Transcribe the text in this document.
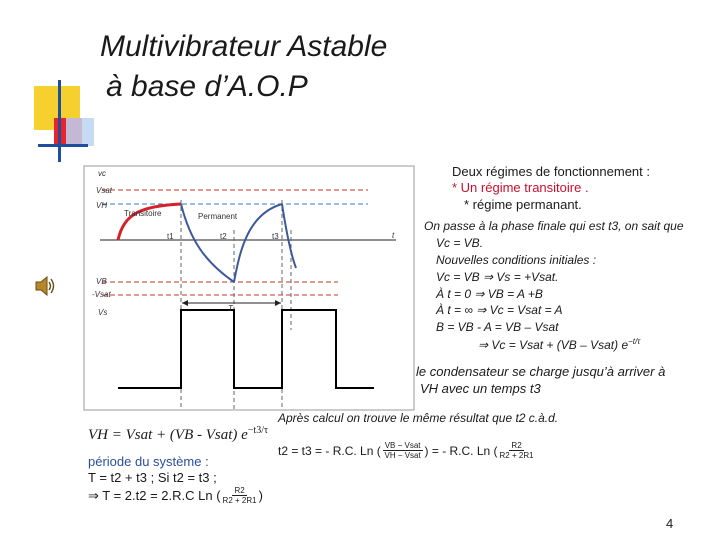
Multivibrateur Astable
à base d’A.O.P
vc
Vsat
VH
Transitoire	Permanent
t1	t2	t3	t
VB
-Vsat
T
Vs
Deux régimes de fonctionnement :
* Un régime transitoire .
* régime permanant.
On passe à la phase finale qui est t3, on sait que
Vc = VB.
Nouvelles conditions initiales :
Vc = VB ⇒ Vs = +Vsat.
À t = 0 ⇒ VB = A +B
À t = ∞ ⇒ Vc = Vsat = A
B = VB - A = VB – Vsat
⇒ Vc = Vsat + (VB – Vsat) $e^{-t/\tau}$
le condensateur se charge jusqu’à arriver à
VH avec un temps t3
Après calcul on trouve le même résultat que t2 c.à.d.
VH = Vsat + (VB - Vsat) $e^{-t3/\tau}$
t2 = t3 = - R.C. Ln ( VB − Vsat
VH − Vsat ) = - R.C. Ln ( $\frac{R2}{R2 + 2R1}$
période du système :
T = t2 + t3 ; Si t2 = t3 ;
⇒ T = 2.t2 = 2.R.C Ln ( $\frac{R2}{R2 + 2R1}$ )
4
